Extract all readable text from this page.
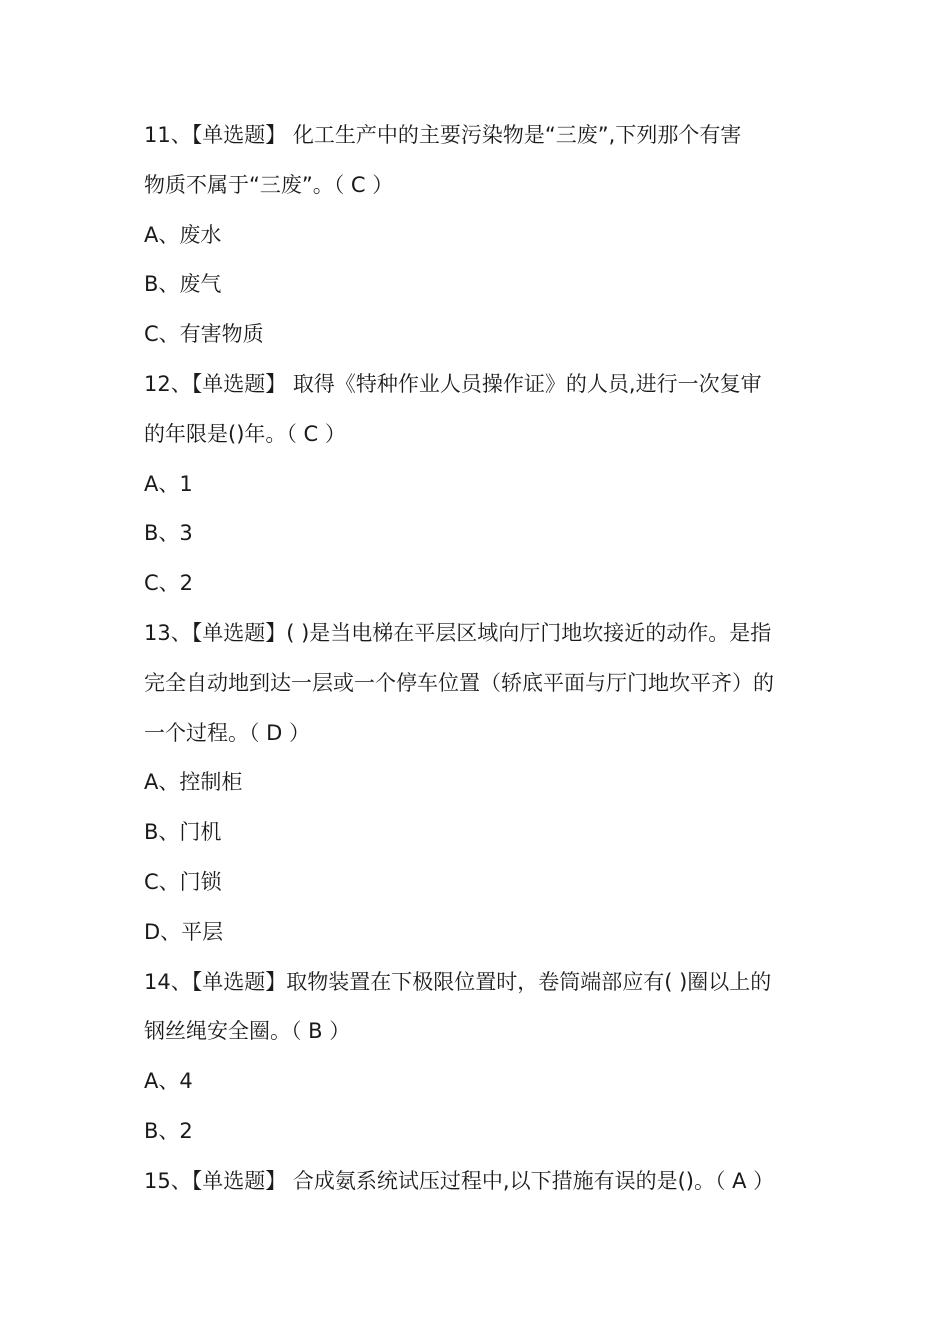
11、【单选题】 化工生产中的主要污染物是“三废”,下列那个有害
物质不属于“三废”。（ C ）
A、废水
B、废气
C、有害物质
12、【单选题】 取得《特种作业人员操作证》的人员,进行一次复审
的年限是()年。（ C ）
A、1
B、3
C、2
13、【单选题】( )是当电梯在平层区域向厅门地坎接近的动作。是指
完全自动地到达一层或一个停车位置（轿底平面与厅门地坎平齐）的
一个过程。（ D ）
A、控制柜
B、门机
C、门锁
D、平层
14、【单选题】取物装置在下极限位置时，卷筒端部应有( )圈以上的
钢丝绳安全圈。（ B ）
A、4
B、2
15、【单选题】 合成氨系统试压过程中,以下措施有误的是()。（ A ）
